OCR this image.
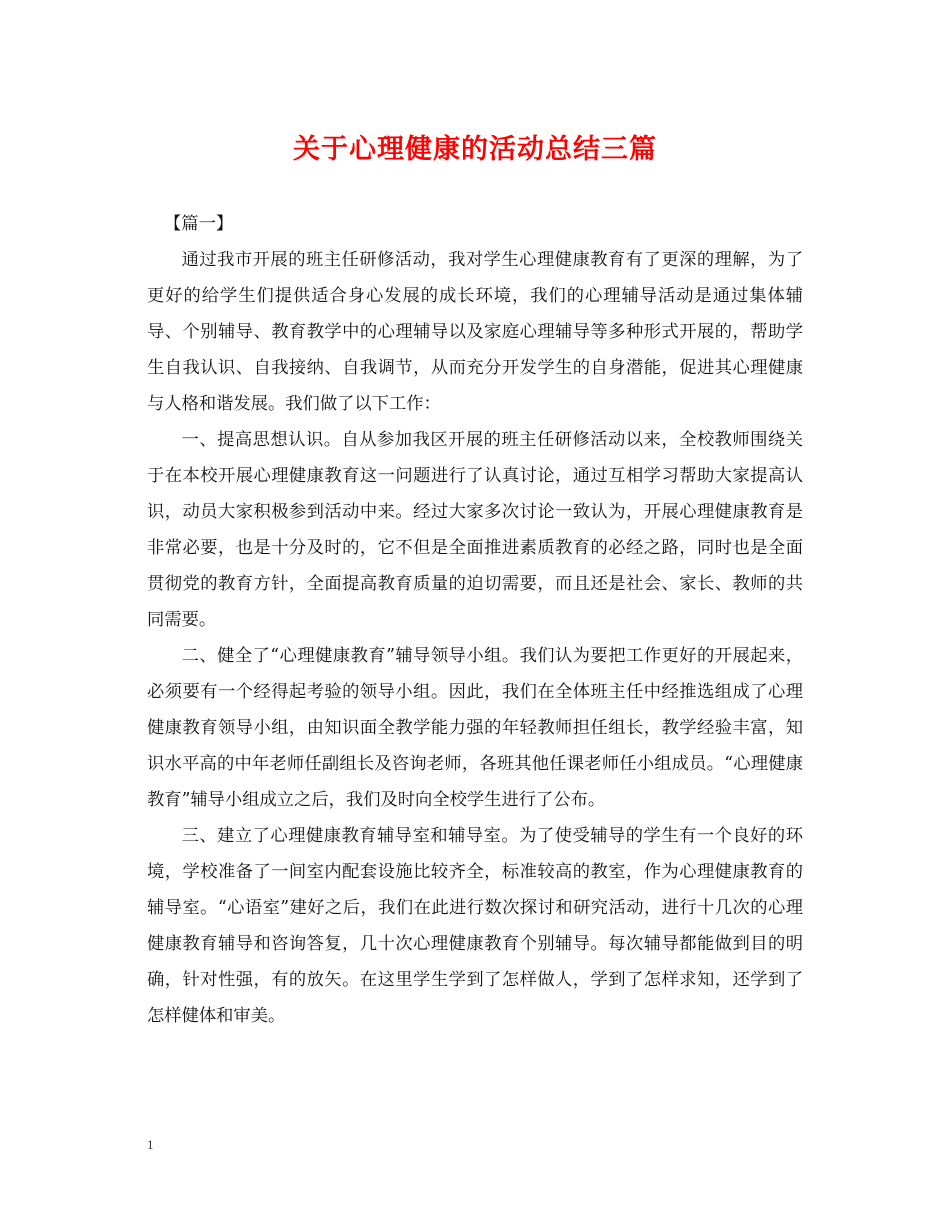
关于心理健康的活动总结三篇
【篇一】

通过我市开展的班主任研修活动，我对学生心理健康教育有了更深的理解，为了更好的给学生们提供适合身心发展的成长环境，我们的心理辅导活动是通过集体辅导、个别辅导、教育教学中的心理辅导以及家庭心理辅导等多种形式开展的，帮助学生自我认识、自我接纳、自我调节，从而充分开发学生的自身潜能，促进其心理健康与人格和谐发展。我们做了以下工作：

一、提高思想认识。自从参加我区开展的班主任研修活动以来，全校教师围绕关于在本校开展心理健康教育这一问题进行了认真讨论，通过互相学习帮助大家提高认识，动员大家积极参到活动中来。经过大家多次讨论一致认为，开展心理健康教育是非常必要，也是十分及时的，它不但是全面推进素质教育的必经之路，同时也是全面贯彻党的教育方针，全面提高教育质量的迫切需要，而且还是社会、家长、教师的共同需要。

二、健全了“心理健康教育”辅导领导小组。我们认为要把工作更好的开展起来，必须要有一个经得起考验的领导小组。因此，我们在全体班主任中经推选组成了心理健康教育领导小组，由知识面全教学能力强的年轻教师担任组长，教学经验丰富，知识水平高的中年老师任副组长及咨询老师，各班其他任课老师任小组成员。“心理健康教育”辅导小组成立之后，我们及时向全校学生进行了公布。

三、建立了心理健康教育辅导室和辅导室。为了使受辅导的学生有一个良好的环境，学校准备了一间室内配套设施比较齐全，标准较高的教室，作为心理健康教育的辅导室。“心语室”建好之后，我们在此进行数次探讨和研究活动，进行十几次的心理健康教育辅导和咨询答复，几十次心理健康教育个别辅导。每次辅导都能做到目的明确，针对性强，有的放矢。在这里学生学到了怎样做人，学到了怎样求知，还学到了怎样健体和审美。

1
